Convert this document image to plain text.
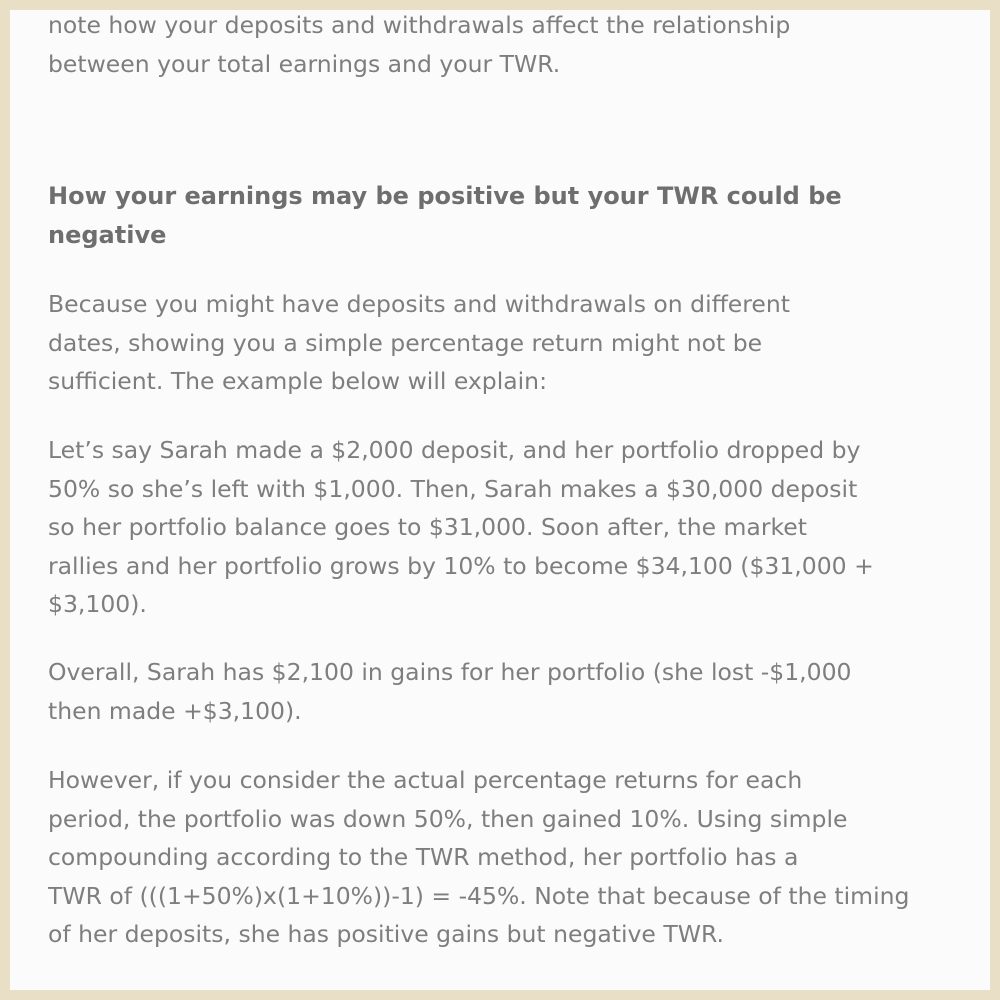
note how your deposits and withdrawals affect the relationship
between your total earnings and your TWR.

How your earnings may be positive but your TWR could be
negative

Because you might have deposits and withdrawals on different
dates, showing you a simple percentage return might not be
sufficient. The example below will explain:

Let’s say Sarah made a $2,000 deposit, and her portfolio dropped by
50% so she’s left with $1,000. Then, Sarah makes a $30,000 deposit
so her portfolio balance goes to $31,000. Soon after, the market
rallies and her portfolio grows by 10% to become $34,100 ($31,000 +
$3,100).

Overall, Sarah has $2,100 in gains for her portfolio (she lost -$1,000
then made +$3,100).

However, if you consider the actual percentage returns for each
period, the portfolio was down 50%, then gained 10%. Using simple
compounding according to the TWR method, her portfolio has a
TWR of (((1+50%)x(1+10%))-1) = -45%. Note that because of the timing
of her deposits, she has positive gains but negative TWR.
